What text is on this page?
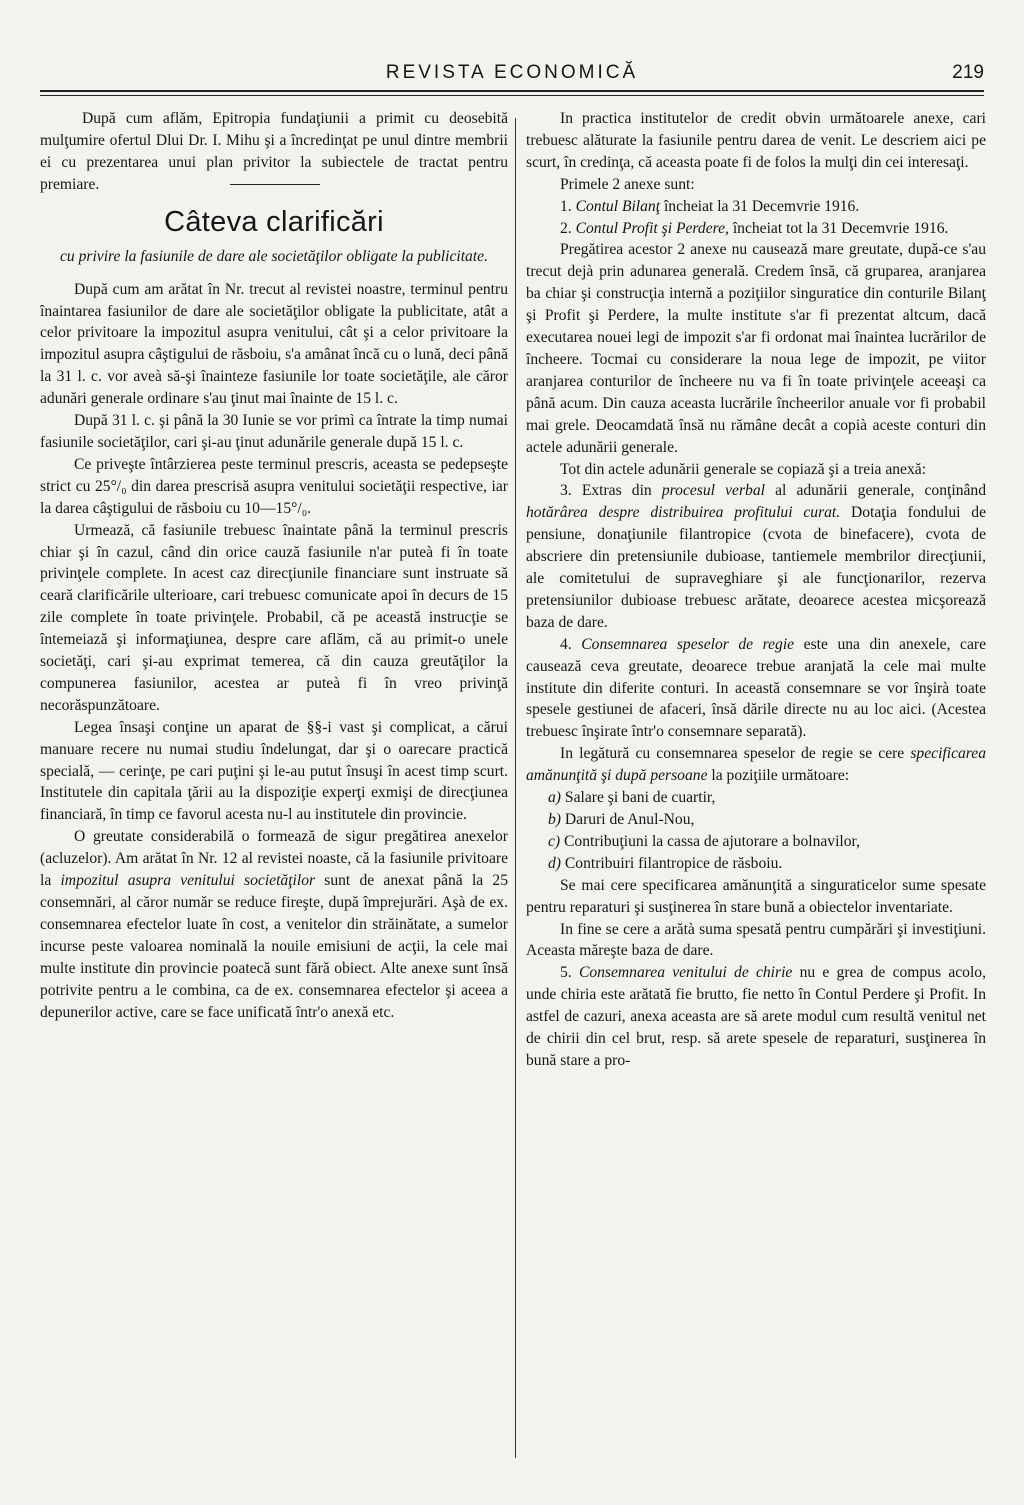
REVISTA ECONOMICĂ	219

După cum aflăm, Epitropia fundaţiunii a primit cu deosebită mulţumire ofertul Dlui Dr. I. Mihu şi a încredinţat pe unul dintre membrii ei cu prezentarea unui plan privitor la subiectele de tractat pentru premiare.

Câteva clarificări
cu privire la fasiunile de dare ale societăţilor obligate la publicitate.

După cum am arătat în Nr. trecut al revistei noastre, terminul pentru înaintarea fasiunilor de dare ale societăţilor obligate la publicitate, atât a celor privitoare la impozitul asupra venitului, cât şi a celor privitoare la impozitul asupra câştigului de răsboiu, s'a amânat încă cu o lună, deci până la 31 l. c. vor aveà să-şi înainteze fasiunile lor toate societăţile, ale căror adunări generale ordinare s'au ţinut mai înainte de 15 l. c.

După 31 l. c. şi până la 30 Iunie se vor primì ca întrate la timp numai fasiunile societăţilor, cari şi-au ţinut adunările generale după 15 l. c.

Ce priveşte întârzierea peste terminul prescris, aceasta se pedepseşte strict cu 25°/₀ din darea prescrisă asupra venitului societăţii respective, iar la darea câştigului de răsboiu cu 10—15°/₀.

Urmează, că fasiunile trebuesc înaintate până la terminul prescris chiar şi în cazul, când din orice cauză fasiunile n'ar puteà fi în toate privinţele complete. In acest caz direcţiunile financiare sunt instruate să ceară clarificările ulterioare, cari trebuesc comunicate apoi în decurs de 15 zile complete în toate privinţele. Probabil, că pe această instrucţie se întemeiază şi informaţiunea, despre care aflăm, că au primit-o unele societăţi, cari şi-au exprimat temerea, că din cauza greutăţilor la compunerea fasiunilor, acestea ar puteà fi în vreo privinţă necorăspunzătoare.

Legea însaşi conţine un aparat de §§-i vast şi complicat, a cărui manuare recere nu numai studiu îndelungat, dar şi o oarecare practică specială, — cerinţe, pe cari puţini şi le-au putut însuşi în acest timp scurt. Institutele din capitala ţării au la dispoziţie experţi exmişi de direcţiunea financiară, în timp ce favorul acesta nu-l au institutele din provincie.

O greutate considerabilă o formează de sigur pregătirea anexelor (acluzelor). Am arătat în Nr. 12 al revistei noaste, că la fasiunile privitoare la impozitul asupra venitului societăţilor sunt de anexat până la 25 consemnări, al căror număr se reduce fireşte, după împrejurări. Aşà de ex. consemnarea efectelor luate în cost, a venitelor din străinătate, a sumelor incurse peste valoarea nominală la nouile emisiuni de acţii, la cele mai multe institute din provincie poatecă sunt fără obiect. Alte anexe sunt însă potrivite pentru a le combina, ca de ex. consemnarea efectelor şi aceea a depunerilor active, care se face unificată într'o anexă etc.

In practica institutelor de credit obvin următoarele anexe, cari trebuesc alăturate la fasiunile pentru darea de venit. Le descriem aici pe scurt, în credinţa, că aceasta poate fi de folos la mulţi din cei interesaţi.

Primele 2 anexe sunt:

1. Contul Bilanţ încheiat la 31 Decemvrie 1916.

2. Contul Profit şi Perdere, încheiat tot la 31 Decemvrie 1916.

Pregătirea acestor 2 anexe nu causează mare greutate, după-ce s'au trecut dejà prin adunarea generală. Credem însă, că gruparea, aranjarea ba chiar şi construcţia internă a poziţiilor singuratice din conturile Bilanţ şi Profit şi Perdere, la multe institute s'ar fi prezentat altcum, dacă executarea nouei legi de impozit s'ar fi ordonat mai înaintea lucrărilor de încheere. Tocmai cu considerare la noua lege de impozit, pe viitor aranjarea conturilor de încheere nu va fi în toate privinţele aceeaşi ca până acum. Din cauza aceasta lucrările încheerilor anuale vor fi probabil mai grele. Deocamdată însă nu rămâne decât a copià aceste conturi din actele adunării generale.

Tot din actele adunării generale se copiază şi a treia anexă:

3. Extras din procesul verbal al adunării generale, conţinând hotărârea despre distribuirea profitului curat. Dotaţia fondului de pensiune, donaţiunile filantropice (cvota de binefacere), cvota de abscriere din pretensiunile dubioase, tantiemele membrilor direcţiunii, ale comitetului de supraveghiare şi ale funcţionarilor, rezerva pretensiunilor dubioase trebuesc arătate, deoarece acestea micşorează baza de dare.

4. Consemnarea speselor de regie este una din anexele, care causează ceva greutate, deoarece trebue aranjată la cele mai multe institute din diferite conturi. In această consemnare se vor înşirà toate spesele gestiunei de afaceri, însă dările directe nu au loc aici. (Acestea trebuesc înşirate într'o consemnare separată).

In legătură cu consemnarea speselor de regie se cere specificarea amănunţită şi după persoane la poziţiile următoare:

a) Salare şi bani de cuartir,

b) Daruri de Anul-Nou,

c) Contribuţiuni la cassa de ajutorare a bolnavilor,

d) Contribuiri filantropice de răsboiu.

Se mai cere specificarea amănunţită a singuraticelor sume spesate pentru reparaturi şi susţinerea în stare bună a obiectelor inventariate.

In fine se cere a arătà suma spesată pentru cumpărări şi investiţiuni. Aceasta măreşte baza de dare.

5. Consemnarea venitului de chirie nu e grea de compus acolo, unde chiria este arătată fie brutto, fie netto în Contul Perdere şi Profit. In astfel de cazuri, anexa aceasta are să arete modul cum resultă venitul net de chirii din cel brut, resp. să arete spesele de reparaturi, susţinerea în bună stare a pro-
